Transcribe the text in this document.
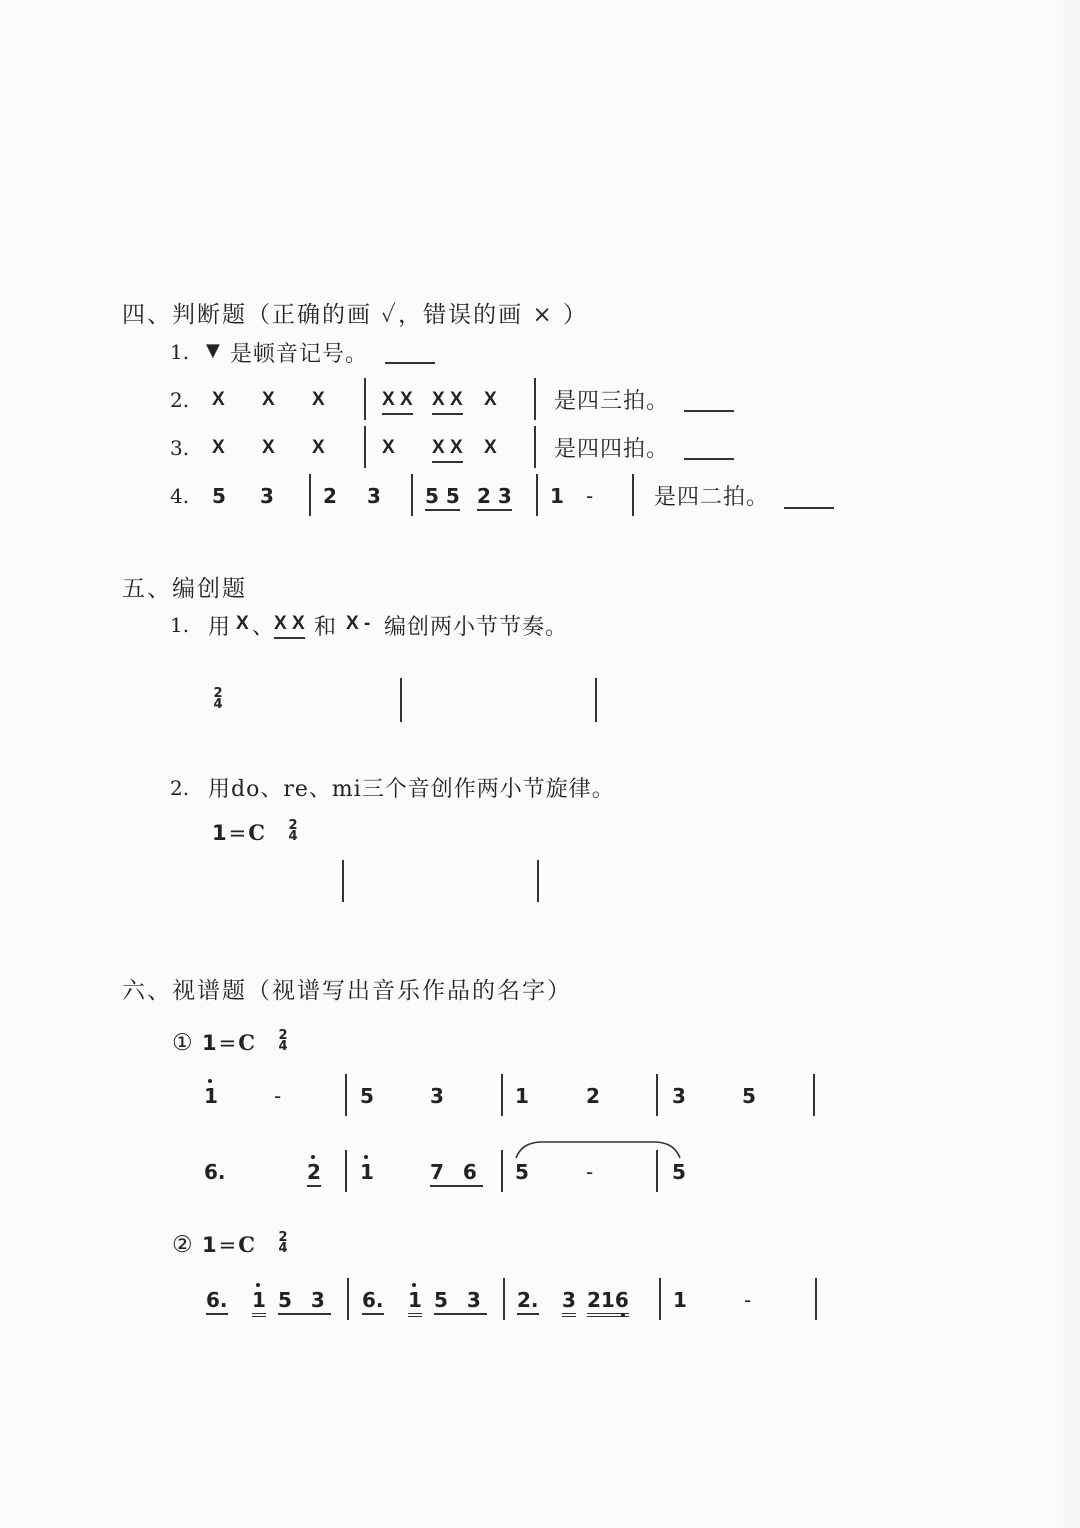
四、判断题（正确的画 ✓，错误的画 × ）
1. ▼ 是顿音记号。
2. X X X	X X X X X	是四三拍。
3. X X X	X X X X	是四四拍。
4. 5 3 2 3 5 5 2 3 1 -	是四二拍。
五、编创题
1. 用 X 、
X X 和 X - 编创两小节节奏。
2
4
2. 用do、re、mi三个音创作两小节旋律。
1=C 2
4
六、视谱题（视谱写出音乐作品的名字）
① 1=C 2
4
1	-	5	3	1	2	3	5
6.	2 1	7 6 5	-	5
② 1=C 2
4
6. 1 5 3 6. 1 5 3 2. 3 216 1	-
